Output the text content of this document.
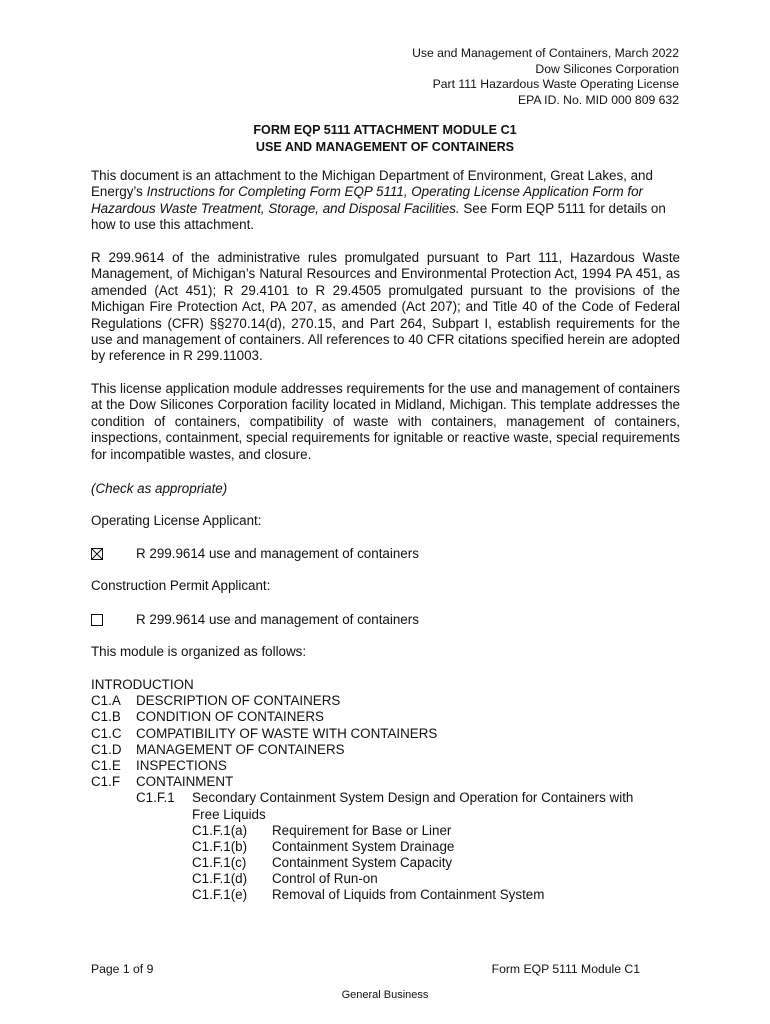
Use and Management of Containers, March 2022
Dow Silicones Corporation
Part 111 Hazardous Waste Operating License
EPA ID. No. MID 000 809 632
FORM EQP 5111 ATTACHMENT MODULE C1
USE AND MANAGEMENT OF CONTAINERS
This document is an attachment to the Michigan Department of Environment, Great Lakes, and Energy’s Instructions for Completing Form EQP 5111, Operating License Application Form for Hazardous Waste Treatment, Storage, and Disposal Facilities. See Form EQP 5111 for details on how to use this attachment.
R 299.9614 of the administrative rules promulgated pursuant to Part 111, Hazardous Waste Management, of Michigan’s Natural Resources and Environmental Protection Act, 1994 PA 451, as amended (Act 451); R 29.4101 to R 29.4505 promulgated pursuant to the provisions of the Michigan Fire Protection Act, PA 207, as amended (Act 207); and Title 40 of the Code of Federal Regulations (CFR) §§270.14(d), 270.15, and Part 264, Subpart I, establish requirements for the use and management of containers. All references to 40 CFR citations specified herein are adopted by reference in R 299.11003.
This license application module addresses requirements for the use and management of containers at the Dow Silicones Corporation facility located in Midland, Michigan. This template addresses the condition of containers, compatibility of waste with containers, management of containers, inspections, containment, special requirements for ignitable or reactive waste, special requirements for incompatible wastes, and closure.
(Check as appropriate)
Operating License Applicant:
R 299.9614 use and management of containers
Construction Permit Applicant:
R 299.9614 use and management of containers
This module is organized as follows:
INTRODUCTION
C1.A DESCRIPTION OF CONTAINERS
C1.B CONDITION OF CONTAINERS
C1.C COMPATIBILITY OF WASTE WITH CONTAINERS
C1.D MANAGEMENT OF CONTAINERS
C1.E INSPECTIONS
C1.F CONTAINMENT
C1.F.1 Secondary Containment System Design and Operation for Containers with
Free Liquids
C1.F.1(a) Requirement for Base or Liner
C1.F.1(b) Containment System Drainage
C1.F.1(c) Containment System Capacity
C1.F.1(d) Control of Run-on
C1.F.1(e) Removal of Liquids from Containment System
Page 1 of 9	Form EQP 5111 Module C1
General Business
